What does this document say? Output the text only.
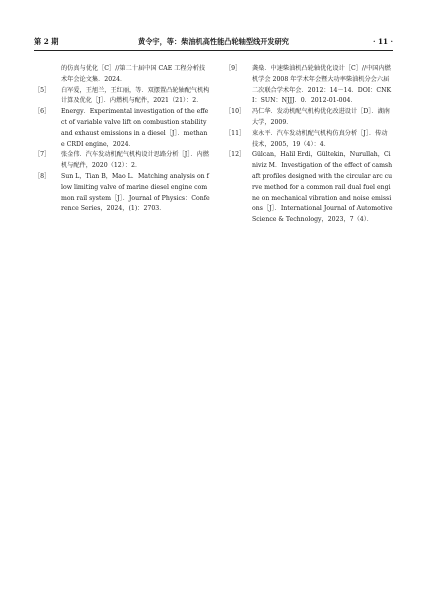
第 2 期	黄令宇，等：柴油机高性能凸轮轴型线开发研究	· 11 ·
的仿真与优化［C］//第二十届中国 CAE 工程分析技术年会论文集．2024．
［5］ 白军爱，王旭兰，王红丽，等．双摆置凸轮轴配气机构计算及优化［J］．内燃机与配件，2021（21）：2．
［6］ Energy．Experimental investigation of the effect of variable valve lift on combustion stability and exhaust emissions in a diesel［J］．methane CRDI engine，2024．
［7］ 张金伟．汽车发动机配气机构设计思路分析［J］．内燃机与配件，2020（12）：2．
［8］ Sun L，Tian B，Mao L．Matching analysis on flow limiting valve of marine diesel engine common rail system［J］．Journal of Physics：Conference Series，2024，(1)：2703．
［9］ 龚燊．中速柴油机凸轮轴优化设计［C］//中国内燃机学会 2008 年学术年会暨大功率柴油机分会六届二次联合学术年会．2012：14－14．DOI：CNKI：SUN：NJJJ．0．2012-01-004．
［10］ 冯仁华．发动机配气机构优化改进设计［D］．湖南大学，2009．
［11］ 束永平．汽车发动机配气机构仿真分析［J］．传动技术，2005，19（4）：4．
［12］ Gülcan，Halil Erdi，Gültekin，Nurullah，Ciniviz M．Investigation of the effect of camshaft profiles designed with the circular arc curve method for a common rail dual fuel engine on mechanical vibration and noise emissions［J］．International Journal of Automotive Science & Technology，2023，7（4）．
